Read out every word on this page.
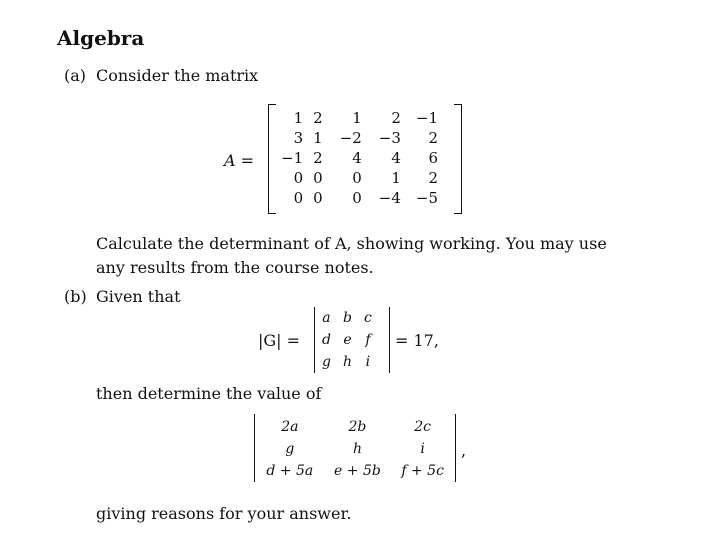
Algebra
(a) Consider the matrix
A =
1	2	1	2	−1
3	1	−2	−3	2
−1	2	4	4	6
0	0	0	1	2
0	0	0	−4	−5
Calculate the determinant of A, showing working. You may use
any results from the course notes.
(b) Given that
|G| =
a	b	c
d	e	f
g	h	i
= 17,
then determine the value of
2a	2b	2c
g	h	i
d + 5a	e + 5b	f + 5c
,
giving reasons for your answer.
